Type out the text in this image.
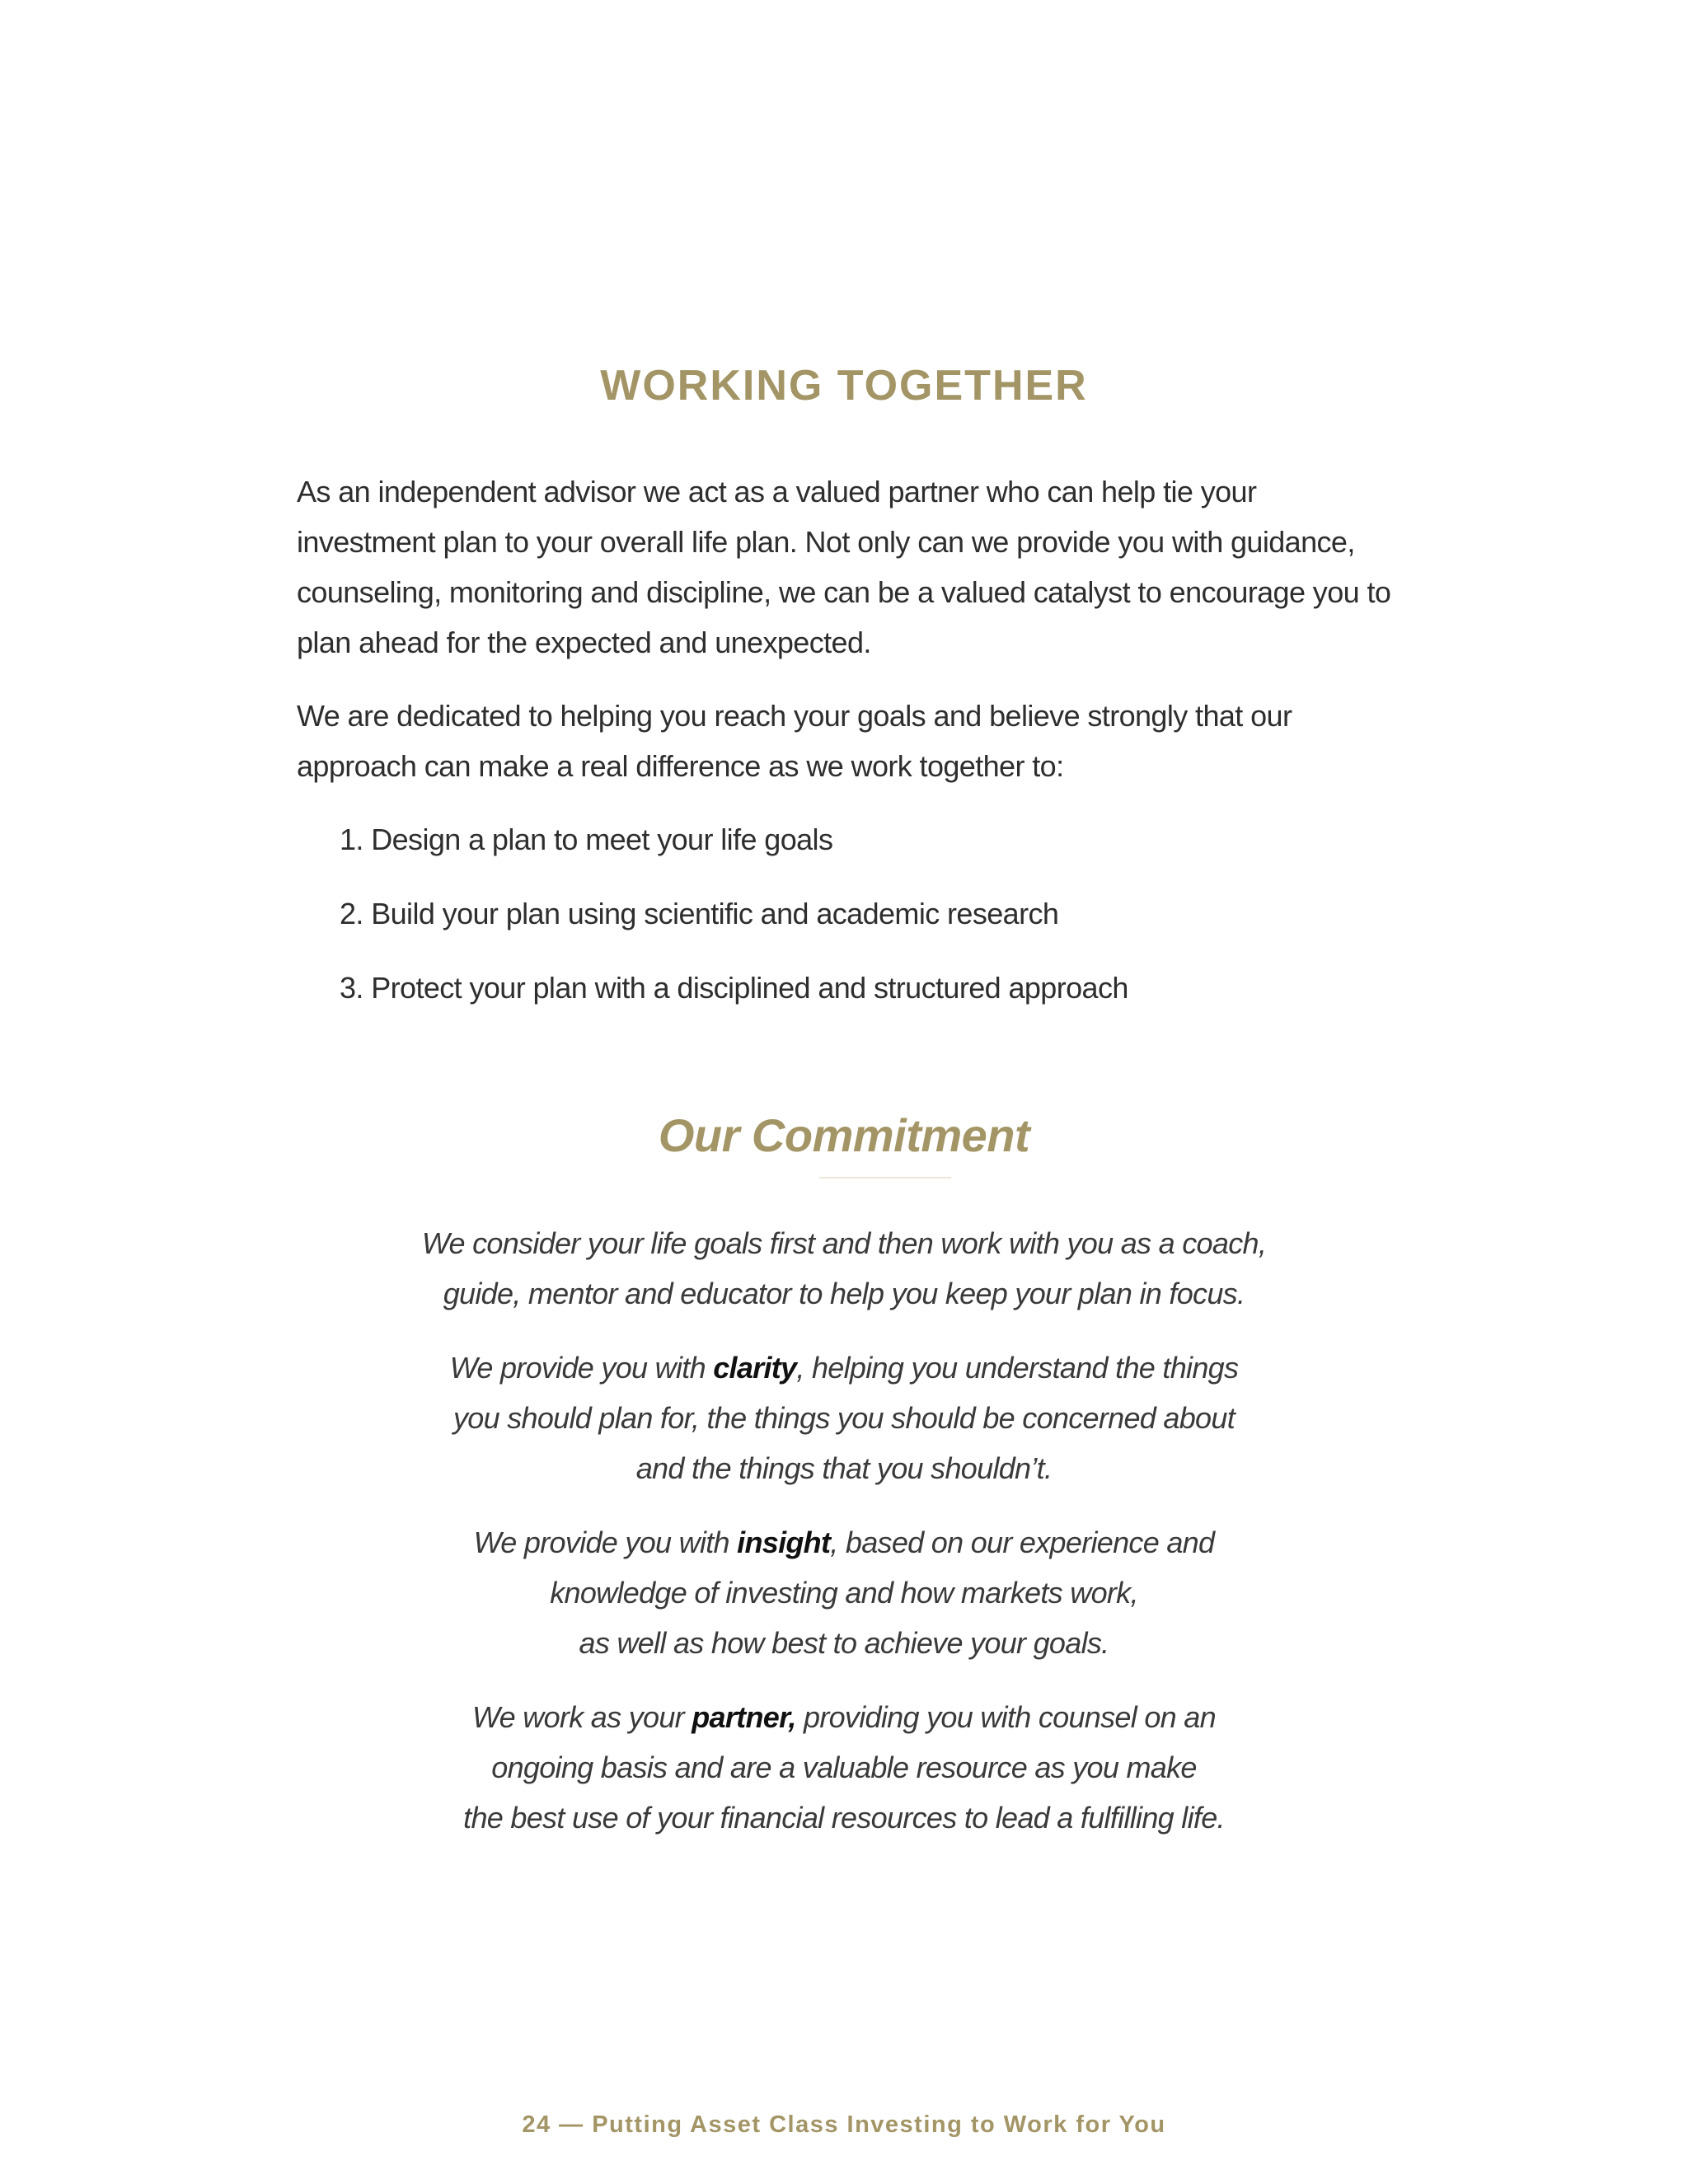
WORKING TOGETHER

As an independent advisor we act as a valued partner who can help tie your investment plan to your overall life plan. Not only can we provide you with guidance, counseling, monitoring and discipline, we can be a valued catalyst to encourage you to plan ahead for the expected and unexpected.

We are dedicated to helping you reach your goals and believe strongly that our approach can make a real difference as we work together to:

1. Design a plan to meet your life goals
2. Build your plan using scientific and academic research
3. Protect your plan with a disciplined and structured approach
Our Commitment

We consider your life goals first and then work with you as a coach,
guide, mentor and educator to help you keep your plan in focus.

We provide you with clarity, helping you understand the things
you should plan for, the things you should be concerned about
and the things that you shouldn’t.

We provide you with insight, based on our experience and
knowledge of investing and how markets work,
as well as how best to achieve your goals.

We work as your partner, providing you with counsel on an
ongoing basis and are a valuable resource as you make
the best use of your financial resources to lead a fulfilling life.

24 — Putting Asset Class Investing to Work for You
